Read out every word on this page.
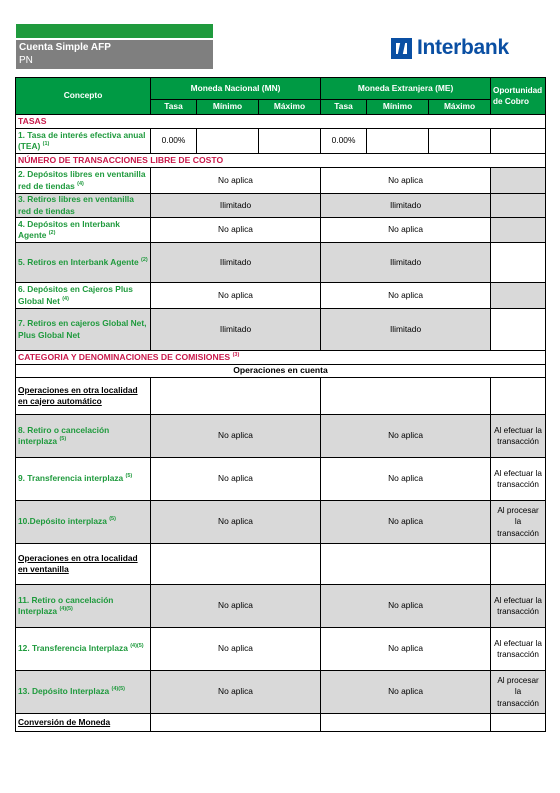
Cuenta Simple AFP
PN
Interbank
Concepto	Moneda Nacional (MN)			Moneda Extranjera (ME)			Oportunidad de Cobro
	Tasa	Mínimo	Máximo	Tasa	Mínimo	Máximo	
TASAS							
1. Tasa de interés efectiva anual (TEA) $^{(1)}$	0.00%			0.00%			
NÚMERO DE TRANSACCIONES LIBRE DE COSTO							
2. Depósitos libres en ventanilla red de tiendas $^{(4)}$	No aplica			No aplica			
3. Retiros libres en ventanilla red de tiendas	Ilimitado			Ilimitado			
4. Depósitos en Interbank Agente $^{(2)}$	No aplica			No aplica			
5. Retiros en Interbank Agente $^{(2)}$	Ilimitado			Ilimitado			
6. Depósitos en Cajeros Plus Global Net $^{(4)}$	No aplica			No aplica			
7. Retiros en cajeros Global Net, Plus Global Net	Ilimitado			Ilimitado			
CATEGORIA Y DENOMINACIONES DE COMISIONES $^{(3)}$
Operaciones en cuenta							
Operaciones en otra localidad en cajero automático							
8. Retiro o cancelación interplaza $^{(5)}$	No aplica			No aplica			Al efectuar la transacción
9. Transferencia interplaza $^{(5)}$	No aplica			No aplica			Al efectuar la transacción
10.Depósito interplaza $^{(5)}$	No aplica			No aplica			Al procesar la transacción
Operaciones en otra localidad en ventanilla							
11. Retiro o cancelación Interplaza $^{(4)(5)}$	No aplica			No aplica			Al efectuar la transacción
12. Transferencia Interplaza $^{(4)(5)}$	No aplica			No aplica			Al efectuar la transacción
13. Depósito Interplaza $^{(4)(5)}$	No aplica			No aplica			Al procesar la transacción
Conversión de Moneda							
